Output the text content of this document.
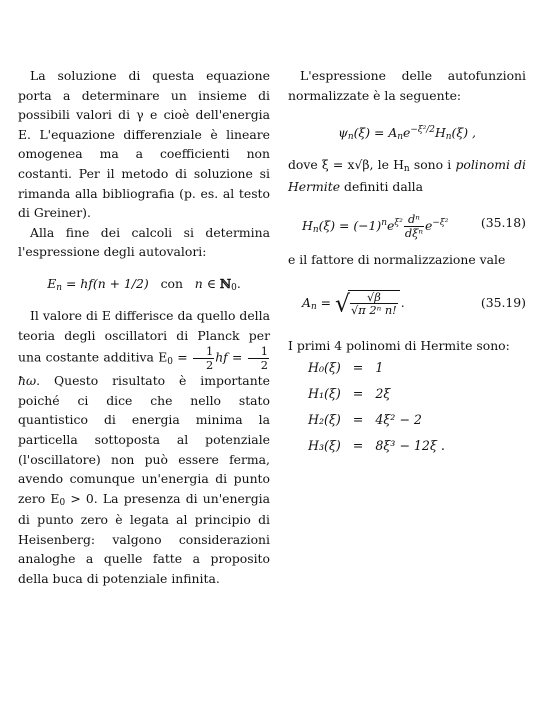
La soluzione di questa equazione porta a determinare un insieme di possibili valori di γ e cioè dell'energia E. L'equazione differenziale è lineare omogenea ma a coefficienti non costanti. Per il metodo di soluzione si rimanda alla bibliografia (p. es. al testo di Greiner).

Alla fine dei calcoli si determina l'espressione degli autovalori:

En = hf(n + 1/2) con n ∈ ℕ0.

Il valore di E differisce da quello della teoria degli oscillatori di Planck per una costante additiva $E0 = \frac{1}{2}$ hf = $\frac{1}{2}$
ħω. Questo risultato è importante poiché ci dice che nello stato quantistico di energia minima la particella sottoposta al potenziale (l'oscillatore) non può essere ferma, avendo comunque un'energia di punto zero E0 > 0. La presenza di un'energia di punto zero è legata al principio di Heisenberg: valgono considerazioni analoghe a quelle fatte a proposito della buca di potenziale infinita.

L'espressione delle autofunzioni normalizzate è la seguente:

ψn(ξ) = Ane$^{-\xi^2/2}$Hn(ξ) ,

dove ξ = x√β, le Hn sono i polinomi di Hermite definiti dalla

$Hn(\xi) = (-1)^ne^{\xi^2} \frac{\text{dⁿ}}{\text{dξⁿ}} e^{-\xi^2}$	(35.18)

e il fattore di normalizzazione vale

An = √
$\frac{√\beta}{\text{√π 2ⁿ n!}}$ .	(35.19)

I primi 4 polinomi di Hermite sono:

H₀(ξ)	=	1
H₁(ξ)	=	2ξ
H₂(ξ)	=	4ξ² − 2
H₃(ξ)	=	8ξ³ − 12ξ .
